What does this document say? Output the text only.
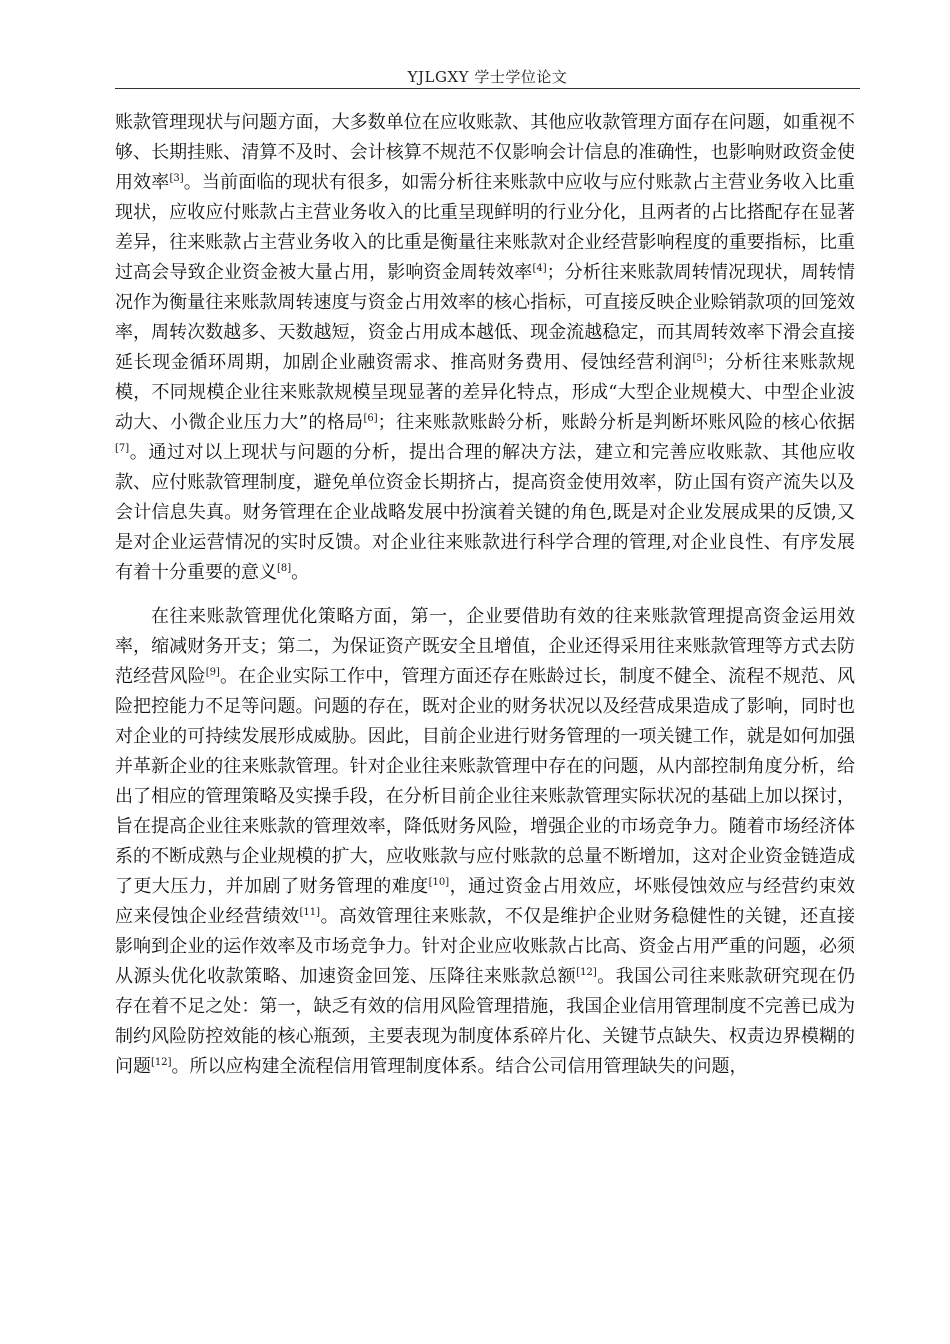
YJLGXY 学士学位论文

账款管理现状与问题方面，大多数单位在应收账款、其他应收款管理方面存在问题，如重视不够、长期挂账、清算不及时、会计核算不规范不仅影响会计信息的准确性，也影响财政资金使用效率[3]。当前面临的现状有很多，如需分析往来账款中应收与应付账款占主营业务收入比重现状，应收应付账款占主营业务收入的比重呈现鲜明的行业分化，且两者的占比搭配存在显著差异，往来账款占主营业务收入的比重是衡量往来账款对企业经营影响程度的重要指标，比重过高会导致企业资金被大量占用，影响资金周转效率[4]；分析往来账款周转情况现状，周转情况作为衡量往来账款周转速度与资金占用效率的核心指标，可直接反映企业赊销款项的回笼效率，周转次数越多、天数越短，资金占用成本越低、现金流越稳定，而其周转效率下滑会直接延长现金循环周期，加剧企业融资需求、推高财务费用、侵蚀经营利润[5]；分析往来账款规模，不同规模企业往来账款规模呈现显著的差异化特点，形成“大型企业规模大、中型企业波动大、小微企业压力大”的格局[6]；往来账款账龄分析，账龄分析是判断坏账风险的核心依据[7]。通过对以上现状与问题的分析，提出合理的解决方法，建立和完善应收账款、其他应收款、应付账款管理制度，避免单位资金长期挤占，提高资金使用效率，防止国有资产流失以及会计信息失真。财务管理在企业战略发展中扮演着关键的角色,既是对企业发展成果的反馈,又是对企业运营情况的实时反馈。对企业往来账款进行科学合理的管理,对企业良性、有序发展有着十分重要的意义[8]。

在往来账款管理优化策略方面，第一，企业要借助有效的往来账款管理提高资金运用效率，缩减财务开支；第二，为保证资产既安全且增值，企业还得采用往来账款管理等方式去防范经营风险[9]。在企业实际工作中，管理方面还存在账龄过长，制度不健全、流程不规范、风险把控能力不足等问题。问题的存在，既对企业的财务状况以及经营成果造成了影响，同时也对企业的可持续发展形成威胁。因此，目前企业进行财务管理的一项关键工作，就是如何加强并革新企业的往来账款管理。针对企业往来账款管理中存在的问题，从内部控制角度分析，给出了相应的管理策略及实操手段，在分析目前企业往来账款管理实际状况的基础上加以探讨，旨在提高企业往来账款的管理效率，降低财务风险，增强企业的市场竞争力。随着市场经济体系的不断成熟与企业规模的扩大，应收账款与应付账款的总量不断增加，这对企业资金链造成了更大压力，并加剧了财务管理的难度[10]，通过资金占用效应，坏账侵蚀效应与经营约束效应来侵蚀企业经营绩效[11]。高效管理往来账款，不仅是维护企业财务稳健性的关键，还直接影响到企业的运作效率及市场竞争力。针对企业应收账款占比高、资金占用严重的问题，必须从源头优化收款策略、加速资金回笼、压降往来账款总额[12]。我国公司往来账款研究现在仍存在着不足之处：第一，缺乏有效的信用风险管理措施，我国企业信用管理制度不完善已成为制约风险防控效能的核心瓶颈，主要表现为制度体系碎片化、关键节点缺失、权责边界模糊的问题[12]。所以应构建全流程信用管理制度体系。结合公司信用管理缺失的问题，
